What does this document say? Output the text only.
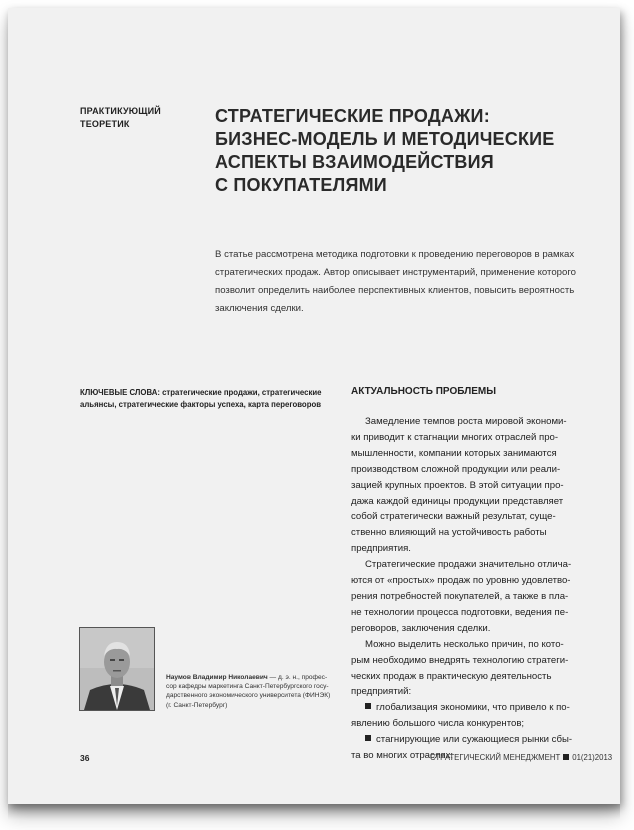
ПРАКТИКУЮЩИЙ
ТЕОРЕТИК	СТРАТЕГИЧЕСКИЕ ПРОДАЖИ:
БИЗНЕС-МОДЕЛЬ И МЕТОДИЧЕСКИЕ
АСПЕКТЫ ВЗАИМОДЕЙСТВИЯ
С ПОКУПАТЕЛЯМИ
В статье рассмотрена методика подготовки к проведению переговоров в рамках
стратегических продаж. Автор описывает инструментарий, применение которого
позволит определить наиболее перспективных клиентов, повысить вероятность
заключения сделки.
КЛЮЧЕВЫЕ СЛОВА: стратегические продажи, стратегические
альянсы, стратегические факторы успеха, карта переговоров
АКТУАЛЬНОСТЬ ПРОБЛЕМЫ
Замедление темпов роста мировой экономи-
ки приводит к стагнации многих отраслей про-
мышленности, компании которых занимаются
производством сложной продукции или реали-
зацией крупных проектов. В этой ситуации про-
дажа каждой единицы продукции представляет
собой стратегически важный результат, суще-
ственно влияющий на устойчивость работы
предприятия.
Стратегические продажи значительно отлича-
ются от «простых» продаж по уровню удовлетво-
рения потребностей покупателей, а также в пла-
не технологии процесса подготовки, ведения пе-
реговоров, заключения сделки.
Можно выделить несколько причин, по кото-
рым необходимо внедрять технологию стратеги-
ческих продаж в практическую деятельность
предприятий:
глобализация экономики, что привело к по-
явлению большого числа конкурентов;
стагнирующие или сужающиеся рынки сбы-
та во многих отраслях;
Наумов Владимир Николаевич — д. э. н., профес-
сор кафедры маркетинга Санкт-Петербургского госу-
дарственного экономического университета (ФИНЭК)
(г. Санкт-Петербург)
36	СТРАТЕГИЧЕСКИЙ МЕНЕДЖМЕНТ 01(21)2013
